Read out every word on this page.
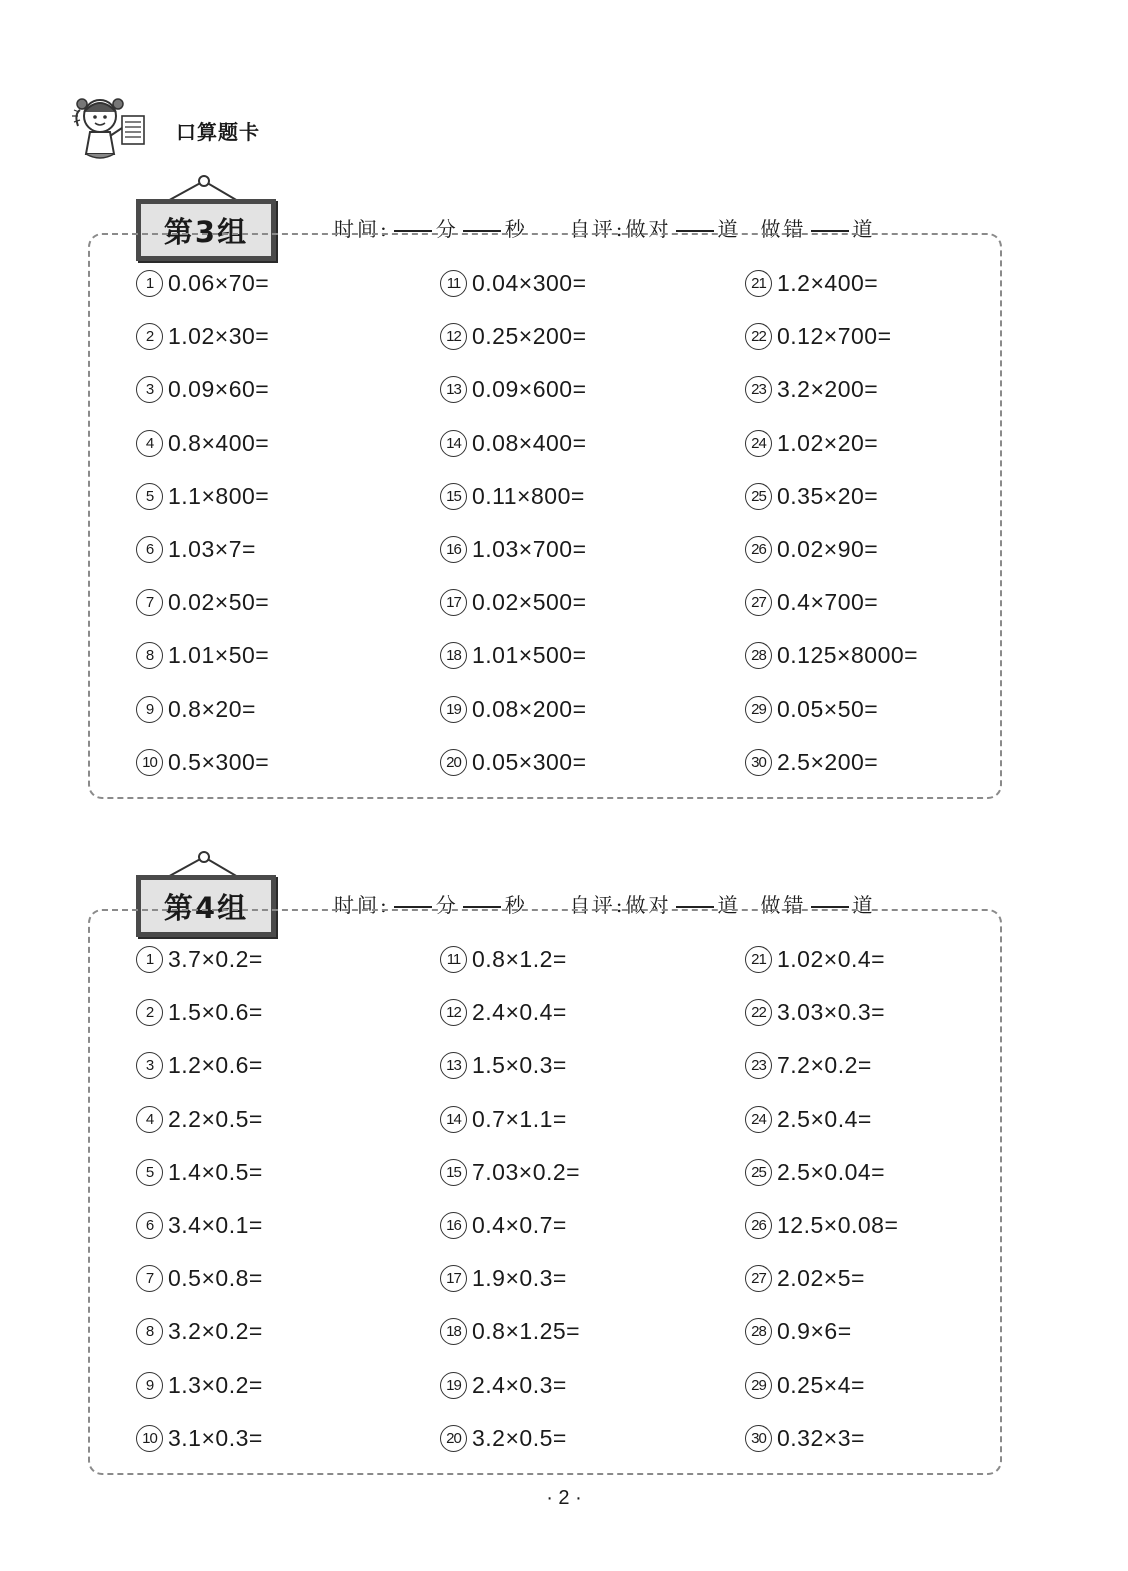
口算题卡
第3组	时间: 分 秒 自评:做对 道 做错 道
1 0.06×70=
2 1.02×30=
3 0.09×60=
4 0.8×400=
5 1.1×800=
6 1.03×7=
7 0.02×50=
8 1.01×50=
9 0.8×20=
10 0.5×300=
11 0.04×300=
12 0.25×200=
13 0.09×600=
14 0.08×400=
15 0.11×800=
16 1.03×700=
17 0.02×500=
18 1.01×500=
19 0.08×200=
20 0.05×300=
21 1.2×400=
22 0.12×700=
23 3.2×200=
24 1.02×20=
25 0.35×20=
26 0.02×90=
27 0.4×700=
28 0.125×8000=
29 0.05×50=
30 2.5×200=
第4组	时间: 分 秒 自评:做对 道 做错 道
1 3.7×0.2=
2 1.5×0.6=
3 1.2×0.6=
4 2.2×0.5=
5 1.4×0.5=
6 3.4×0.1=
7 0.5×0.8=
8 3.2×0.2=
9 1.3×0.2=
10 3.1×0.3=
11 0.8×1.2=
12 2.4×0.4=
13 1.5×0.3=
14 0.7×1.1=
15 7.03×0.2=
16 0.4×0.7=
17 1.9×0.3=
18 0.8×1.25=
19 2.4×0.3=
20 3.2×0.5=
21 1.02×0.4=
22 3.03×0.3=
23 7.2×0.2=
24 2.5×0.4=
25 2.5×0.04=
26 12.5×0.08=
27 2.02×5=
28 0.9×6=
29 0.25×4=
30 0.32×3=
· 2 ·
